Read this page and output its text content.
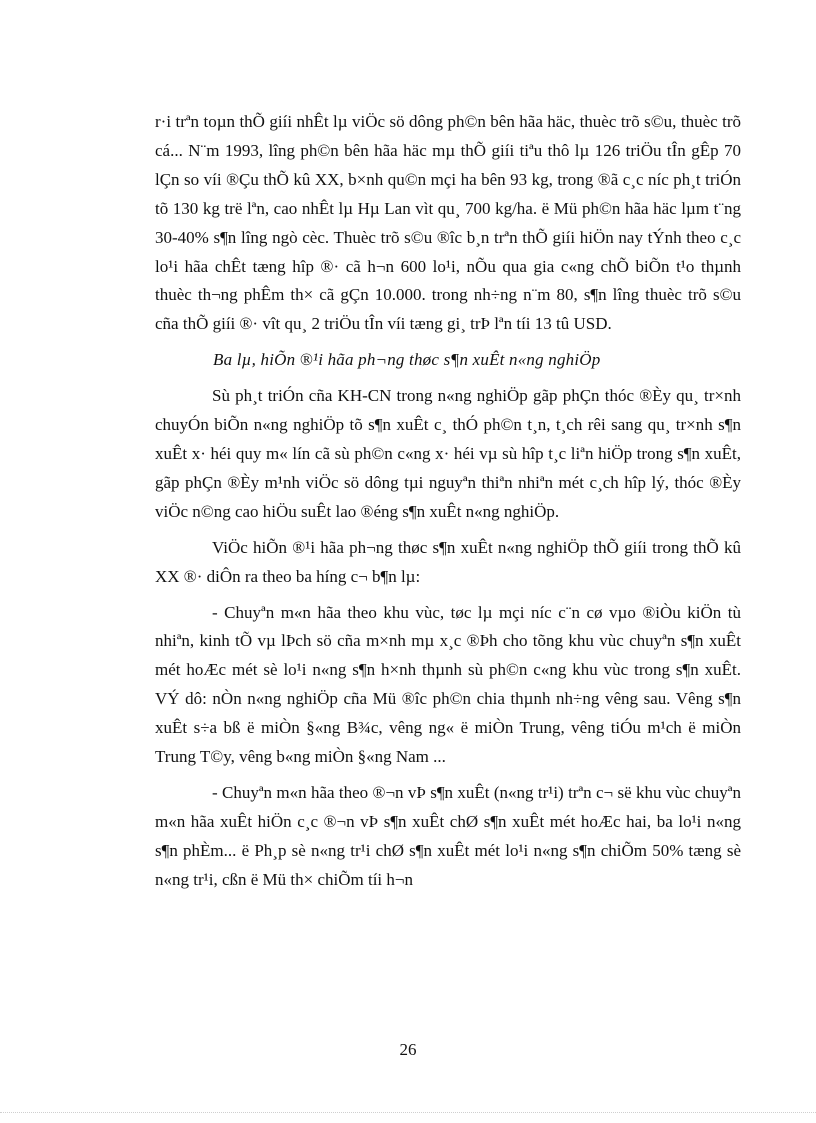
r·i trªn toµn thÕ giíi nhÊt lµ viÖc sö dông ph©n bên hãa häc, thuèc trõ s©u, thuèc trõ cá... N¨m 1993, lîng ph©n bên hãa häc mµ thÕ giíi tiªu thô lµ 126 triÖu tÎn gÊp 70 lÇn so víi ®Çu thÕ kû XX, b×nh qu©n mçi ha bên 93 kg, trong ®ã c¸c níc ph¸t triÓn tõ 130 kg trë lªn, cao nhÊt lµ Hµ Lan vìt qu¸ 700 kg/ha. ë Mü ph©n hãa häc lµm t¨ng 30-40% s¶n lîng ngò cèc. Thuèc trõ s©u ®îc b¸n trªn thÕ giíi hiÖn nay tÝnh theo c¸c lo¹i hãa chÊt tæng hîp ®· cã h¬n 600 lo¹i, nÕu qua gia c«ng chÕ biÕn t¹o thµnh thuèc th¬ng phÊm th× cã gÇn 10.000. trong nh÷ng n¨m 80, s¶n lîng thuèc trõ s©u cña thÕ giíi ®· vît qu¸ 2 triÖu tÎn víi tæng gi¸ trÞ lªn tíi 13 tû USD.

Ba lµ, hiÕn ®¹i hãa ph¬ng thøc s¶n xuÊt n«ng nghiÖp

Sù ph¸t triÓn cña KH-CN trong n«ng nghiÖp gãp phÇn thóc ®Èy qu¸ tr×nh chuyÓn biÕn n«ng nghiÖp tõ s¶n xuÊt c¸ thÓ ph©n t¸n, t¸ch rêi sang qu¸ tr×nh s¶n xuÊt x· héi quy m« lín cã sù ph©n c«ng x· héi vµ sù hîp t¸c liªn hiÖp trong s¶n xuÊt, gãp phÇn ®Èy m¹nh viÖc sö dông tµi nguyªn thiªn nhiªn mét c¸ch hîp lý, thóc ®Èy viÖc n©ng cao hiÖu suÊt lao ®éng s¶n xuÊt n«ng nghiÖp.

ViÖc hiÕn ®¹i hãa ph¬ng thøc s¶n xuÊt n«ng nghiÖp thÕ giíi trong thÕ kû XX ®· diÔn ra theo ba híng c¬ b¶n lµ:

- Chuyªn m«n hãa theo khu vùc, tøc lµ mçi níc c¨n cø vµo ®iÒu kiÖn tù nhiªn, kinh tÕ vµ lÞch sö cña m×nh mµ x¸c ®Þh cho tõng khu vùc chuyªn s¶n xuÊt mét hoÆc mét sè lo¹i n«ng s¶n h×nh thµnh sù ph©n c«ng khu vùc trong s¶n xuÊt. VÝ dô: nÒn n«ng nghiÖp cña Mü ®îc ph©n chia thµnh nh÷ng vêng sau. Vêng s¶n xuÊt s÷a bß ë miÒn §«ng B¾c, vêng ng« ë miÒn Trung, vêng tiÓu m¹ch ë miÒn Trung T©y, vêng b«ng miÒn §«ng Nam ...

- Chuyªn m«n hãa theo ®¬n vÞ s¶n xuÊt (n«ng tr¹i) trªn c¬ së khu vùc chuyªn m«n hãa xuÊt hiÖn c¸c ®¬n vÞ s¶n xuÊt chØ s¶n xuÊt mét hoÆc hai, ba lo¹i n«ng s¶n phÈm... ë Ph¸p sè n«ng tr¹i chØ s¶n xuÊt mét lo¹i n«ng s¶n chiÕm 50% tæng sè n«ng tr¹i, cßn ë Mü th× chiÕm tíi h¬n

26
